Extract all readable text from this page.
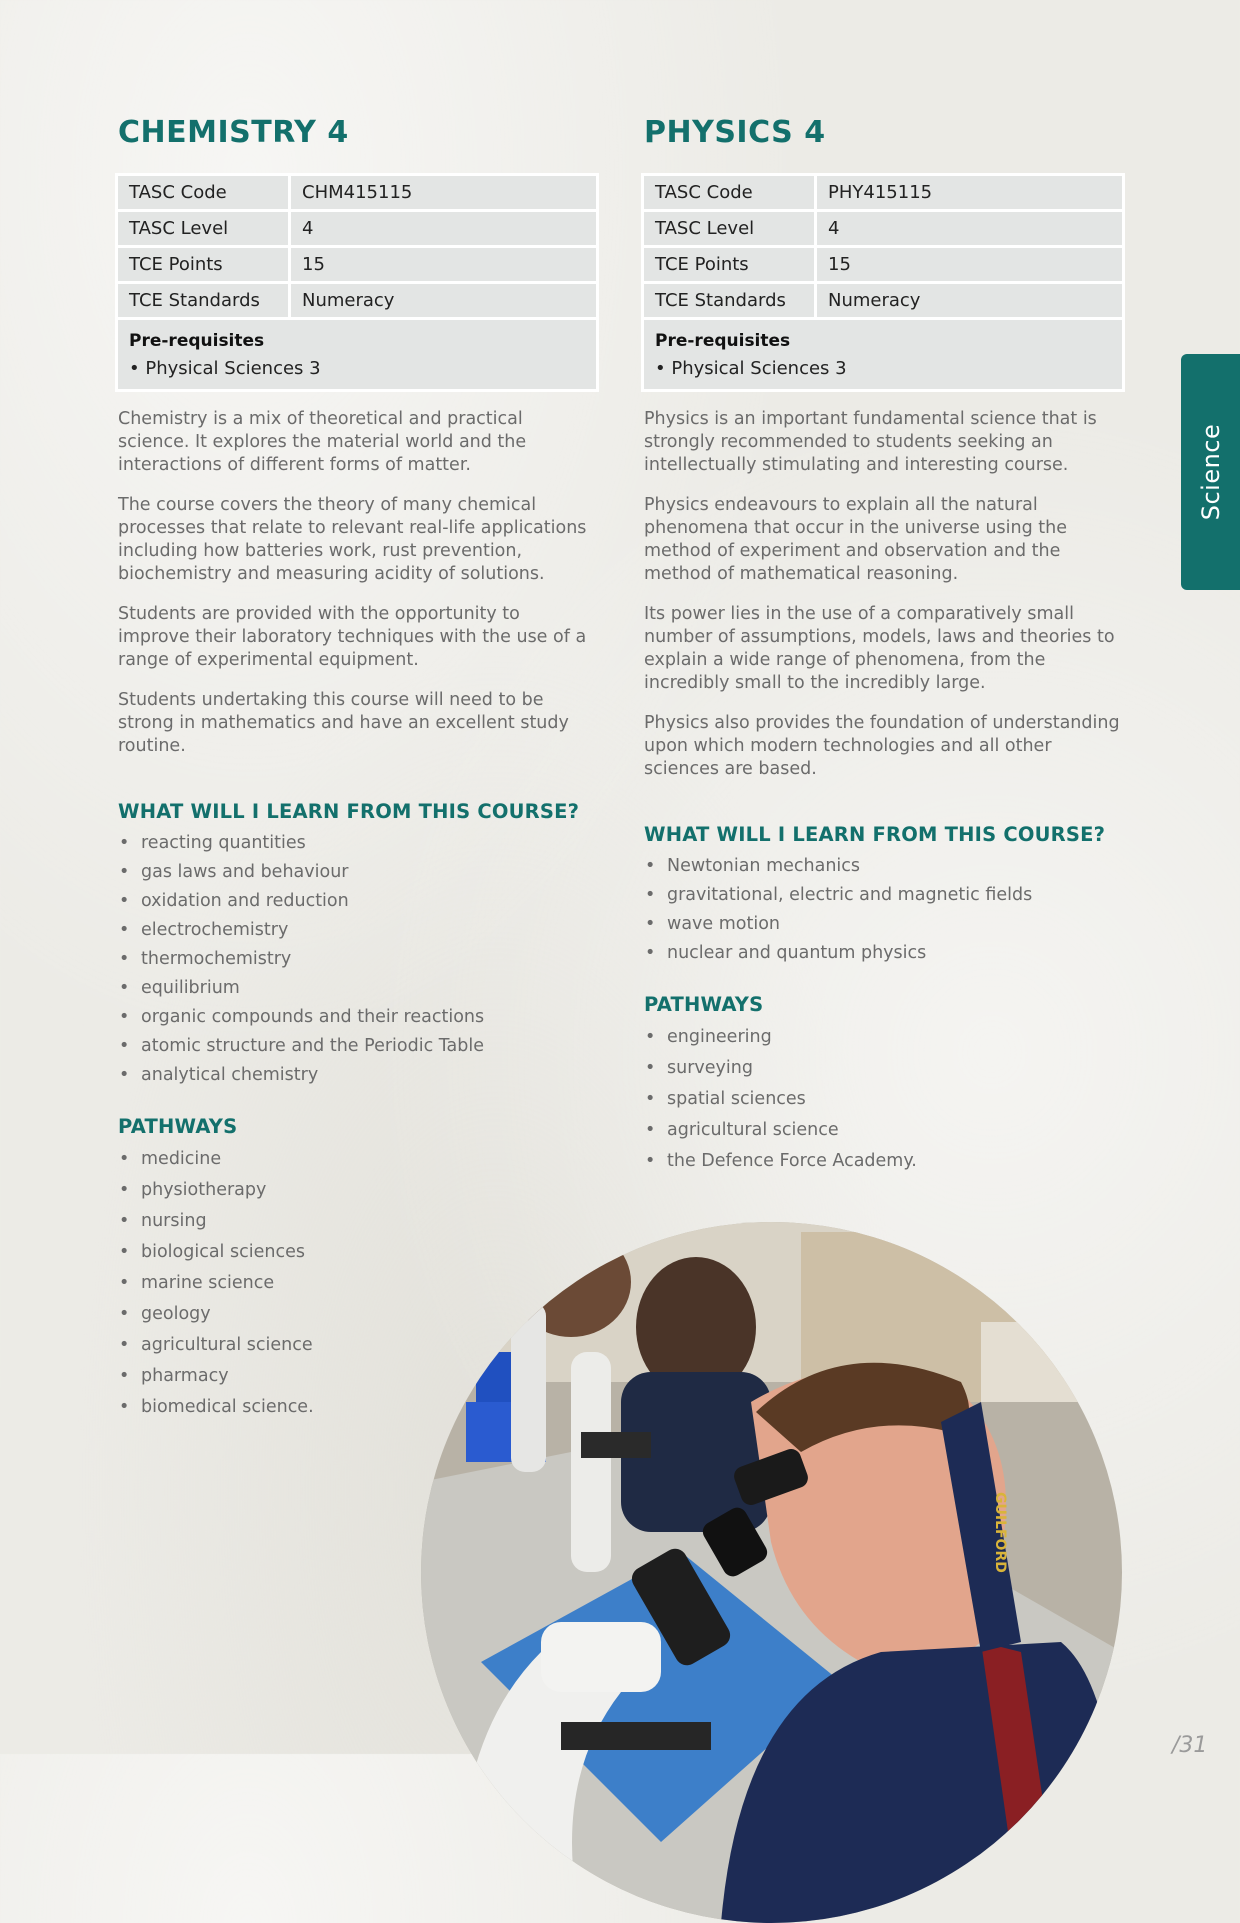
CHEMISTRY 4
TASC Code	CHM415115
TASC Level	4
TCE Points	15
TCE Standards	Numeracy

Pre-requisites
• Physical Sciences 3	

Chemistry is a mix of theoretical and practical science. It explores the material world and the interactions of different forms of matter.

The course covers the theory of many chemical processes that relate to relevant real-life applications including how batteries work, rust prevention, biochemistry and measuring acidity of solutions.

Students are provided with the opportunity to improve their laboratory techniques with the use of a range of experimental equipment.

Students undertaking this course will need to be strong in mathematics and have an excellent study routine.

WHAT WILL I LEARN FROM THIS COURSE?
• reacting quantities
• gas laws and behaviour
• oxidation and reduction
• electrochemistry
• thermochemistry
• equilibrium
• organic compounds and their reactions
• atomic structure and the Periodic Table
• analytical chemistry
PATHWAYS
• medicine
• physiotherapy
• nursing
• biological sciences
• marine science
• geology
• agricultural science
• pharmacy
• biomedical science.
PHYSICS 4
TASC Code	PHY415115
TASC Level	4
TCE Points	15
TCE Standards	Numeracy

Pre-requisites
• Physical Sciences 3	

Physics is an important fundamental science that is strongly recommended to students seeking an intellectually stimulating and interesting course.

Physics endeavours to explain all the natural phenomena that occur in the universe using the method of experiment and observation and the method of mathematical reasoning.

Its power lies in the use of a comparatively small number of assumptions, models, laws and theories to explain a wide range of phenomena, from the incredibly small to the incredibly large.

Physics also provides the foundation of understanding upon which modern technologies and all other sciences are based.

WHAT WILL I LEARN FROM THIS COURSE?
• Newtonian mechanics
• gravitational, electric and magnetic fields
• wave motion
• nuclear and quantum physics
PATHWAYS
• engineering
• surveying
• spatial sciences
• agricultural science
• the Defence Force Academy.
Science
GUILFORD
/31
